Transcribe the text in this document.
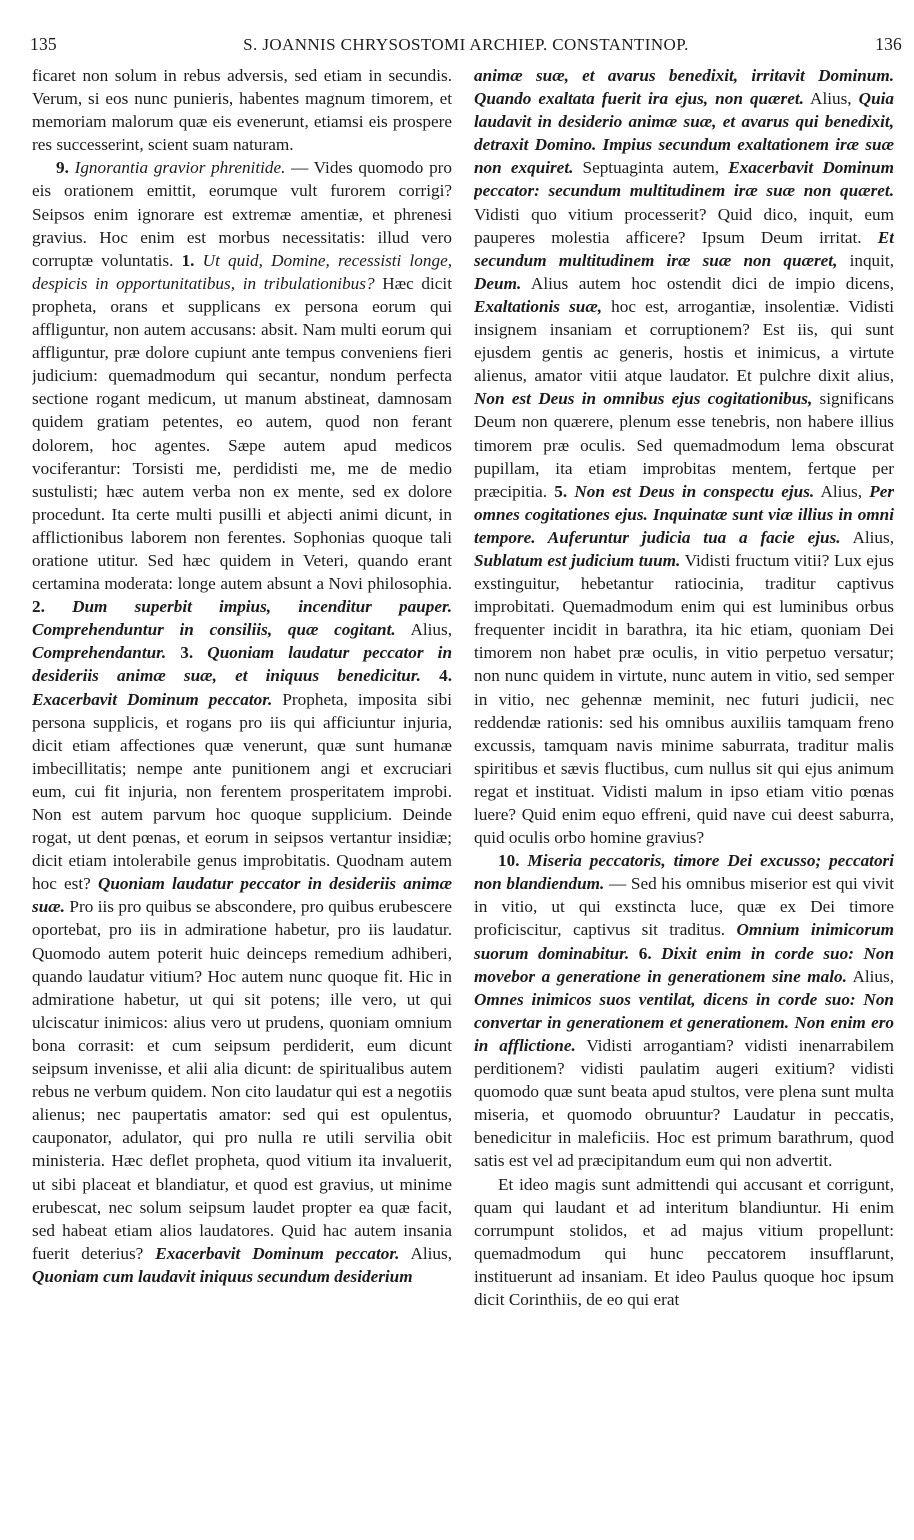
135	S. JOANNIS CHRYSOSTOMI ARCHIEP. CONSTANTINOP.	136

ficaret non solum in rebus adversis, sed etiam in secundis. Verum, si eos nunc punieris, habentes magnum timorem, et memoriam malorum quæ eis evenerunt, etiamsi eis prospere res successerint, scient suam naturam.

9. Ignorantia gravior phrenitide. — Vides quomodo pro eis orationem emittit, eorumque vult furorem corrigi? Seipsos enim ignorare est extremæ amentiæ, et phrenesi gravius. Hoc enim est morbus necessitatis: illud vero corruptæ voluntatis. 1. Ut quid, Domine, recessisti longe, despicis in opportunitatibus, in tribulationibus? Hæc dicit propheta, orans et supplicans ex persona eorum qui affliguntur, non autem accusans: absit. Nam multi eorum qui affliguntur, præ dolore cupiunt ante tempus conveniens fieri judicium: quemadmodum qui secantur, nondum perfecta sectione rogant medicum, ut manum abstineat, damnosam quidem gratiam petentes, eo autem, quod non ferant dolorem, hoc agentes. Sæpe autem apud medicos vociferantur: Torsisti me, perdidisti me, me de medio sustulisti; hæc autem verba non ex mente, sed ex dolore procedunt. Ita certe multi pusilli et abjecti animi dicunt, in afflictionibus laborem non ferentes. Sophonias quoque tali oratione utitur. Sed hæc quidem in Veteri, quando erant certamina moderata: longe autem absunt a Novi philosophia. 2. Dum superbit impius, incenditur pauper. Comprehenduntur in consiliis, quæ cogitant. Alius, Comprehendantur. 3. Quoniam laudatur peccator in desideriis animæ suæ, et iniquus benedicitur. 4. Exacerbavit Dominum peccator. Propheta, imposita sibi persona supplicis, et rogans pro iis qui afficiuntur injuria, dicit etiam affectiones quæ venerunt, quæ sunt humanæ imbecillitatis; nempe ante punitionem angi et excruciari eum, cui fit injuria, non ferentem prosperitatem improbi. Non est autem parvum hoc quoque supplicium. Deinde rogat, ut dent pœnas, et eorum in seipsos vertantur insidiæ; dicit etiam intolerabile genus improbitatis. Quodnam autem hoc est? Quoniam laudatur peccator in desideriis animæ suæ. Pro iis pro quibus se abscondere, pro quibus erubescere oportebat, pro iis in admiratione habetur, pro iis laudatur. Quomodo autem poterit huic deinceps remedium adhiberi, quando laudatur vitium? Hoc autem nunc quoque fit. Hic in admiratione habetur, ut qui sit potens; ille vero, ut qui ulciscatur inimicos: alius vero ut prudens, quoniam omnium bona corrasit: et cum seipsum perdiderit, eum dicunt seipsum invenisse, et alii alia dicunt: de spiritualibus autem rebus ne verbum quidem. Non cito laudatur qui est a negotiis alienus; nec paupertatis amator: sed qui est opulentus, cauponator, adulator, qui pro nulla re utili servilia obit ministeria. Hæc deflet propheta, quod vitium ita invaluerit, ut sibi placeat et blandiatur, et quod est gravius, ut minime erubescat, nec solum seipsum laudet propter ea quæ facit, sed habeat etiam alios laudatores. Quid hac autem insania fuerit deterius? Exacerbavit Dominum peccator. Alius, Quoniam cum laudavit iniquus secundum desiderium

animæ suæ, et avarus benedixit, irritavit Dominum. Quando exaltata fuerit ira ejus, non quæret. Alius, Quia laudavit in desiderio animæ suæ, et avarus qui benedixit, detraxit Domino. Impius secundum exaltationem iræ suæ non exquiret. Septuaginta autem, Exacerbavit Dominum peccator: secundum multitudinem iræ suæ non quæret. Vidisti quo vitium processerit? Quid dico, inquit, eum pauperes molestia afficere? Ipsum Deum irritat. Et secundum multitudinem iræ suæ non quæret, inquit, Deum. Alius autem hoc ostendit dici de impio dicens, Exaltationis suæ, hoc est, arrogantiæ, insolentiæ. Vidisti insignem insaniam et corruptionem? Est iis, qui sunt ejusdem gentis ac generis, hostis et inimicus, a virtute alienus, amator vitii atque laudator. Et pulchre dixit alius, Non est Deus in omnibus ejus cogitationibus, significans Deum non quærere, plenum esse tenebris, non habere illius timorem præ oculis. Sed quemadmodum lema obscurat pupillam, ita etiam improbitas mentem, fertque per præcipitia. 5. Non est Deus in conspectu ejus. Alius, Per omnes cogitationes ejus. Inquinatæ sunt viæ illius in omni tempore. Auferuntur judicia tua a facie ejus. Alius, Sublatum est judicium tuum. Vidisti fructum vitii? Lux ejus exstinguitur, hebetantur ratiocinia, traditur captivus improbitati. Quemadmodum enim qui est luminibus orbus frequenter incidit in barathra, ita hic etiam, quoniam Dei timorem non habet præ oculis, in vitio perpetuo versatur; non nunc quidem in virtute, nunc autem in vitio, sed semper in vitio, nec gehennæ meminit, nec futuri judicii, nec reddendæ rationis: sed his omnibus auxiliis tamquam freno excussis, tamquam navis minime saburrata, traditur malis spiritibus et sævis fluctibus, cum nullus sit qui ejus animum regat et instituat. Vidisti malum in ipso etiam vitio pœnas luere? Quid enim equo effreni, quid nave cui deest saburra, quid oculis orbo homine gravius?

10. Miseria peccatoris, timore Dei excusso; peccatori non blandiendum. — Sed his omnibus miserior est qui vivit in vitio, ut qui exstincta luce, quæ ex Dei timore proficiscitur, captivus sit traditus. Omnium inimicorum suorum dominabitur. 6. Dixit enim in corde suo: Non movebor a generatione in generationem sine malo. Alius, Omnes inimicos suos ventilat, dicens in corde suo: Non convertar in generationem et generationem. Non enim ero in afflictione. Vidisti arrogantiam? vidisti inenarrabilem perditionem? vidisti paulatim augeri exitium? vidisti quomodo quæ sunt beata apud stultos, vere plena sunt multa miseria, et quomodo obruuntur? Laudatur in peccatis, benedicitur in maleficiis. Hoc est primum barathrum, quod satis est vel ad præcipitandum eum qui non advertit.

Et ideo magis sunt admittendi qui accusant et corrigunt, quam qui laudant et ad interitum blandiuntur. Hi enim corrumpunt stolidos, et ad majus vitium propellunt: quemadmodum qui hunc peccatorem insufflarunt, instituerunt ad insaniam. Et ideo Paulus quoque hoc ipsum dicit Corinthiis, de eo qui erat
